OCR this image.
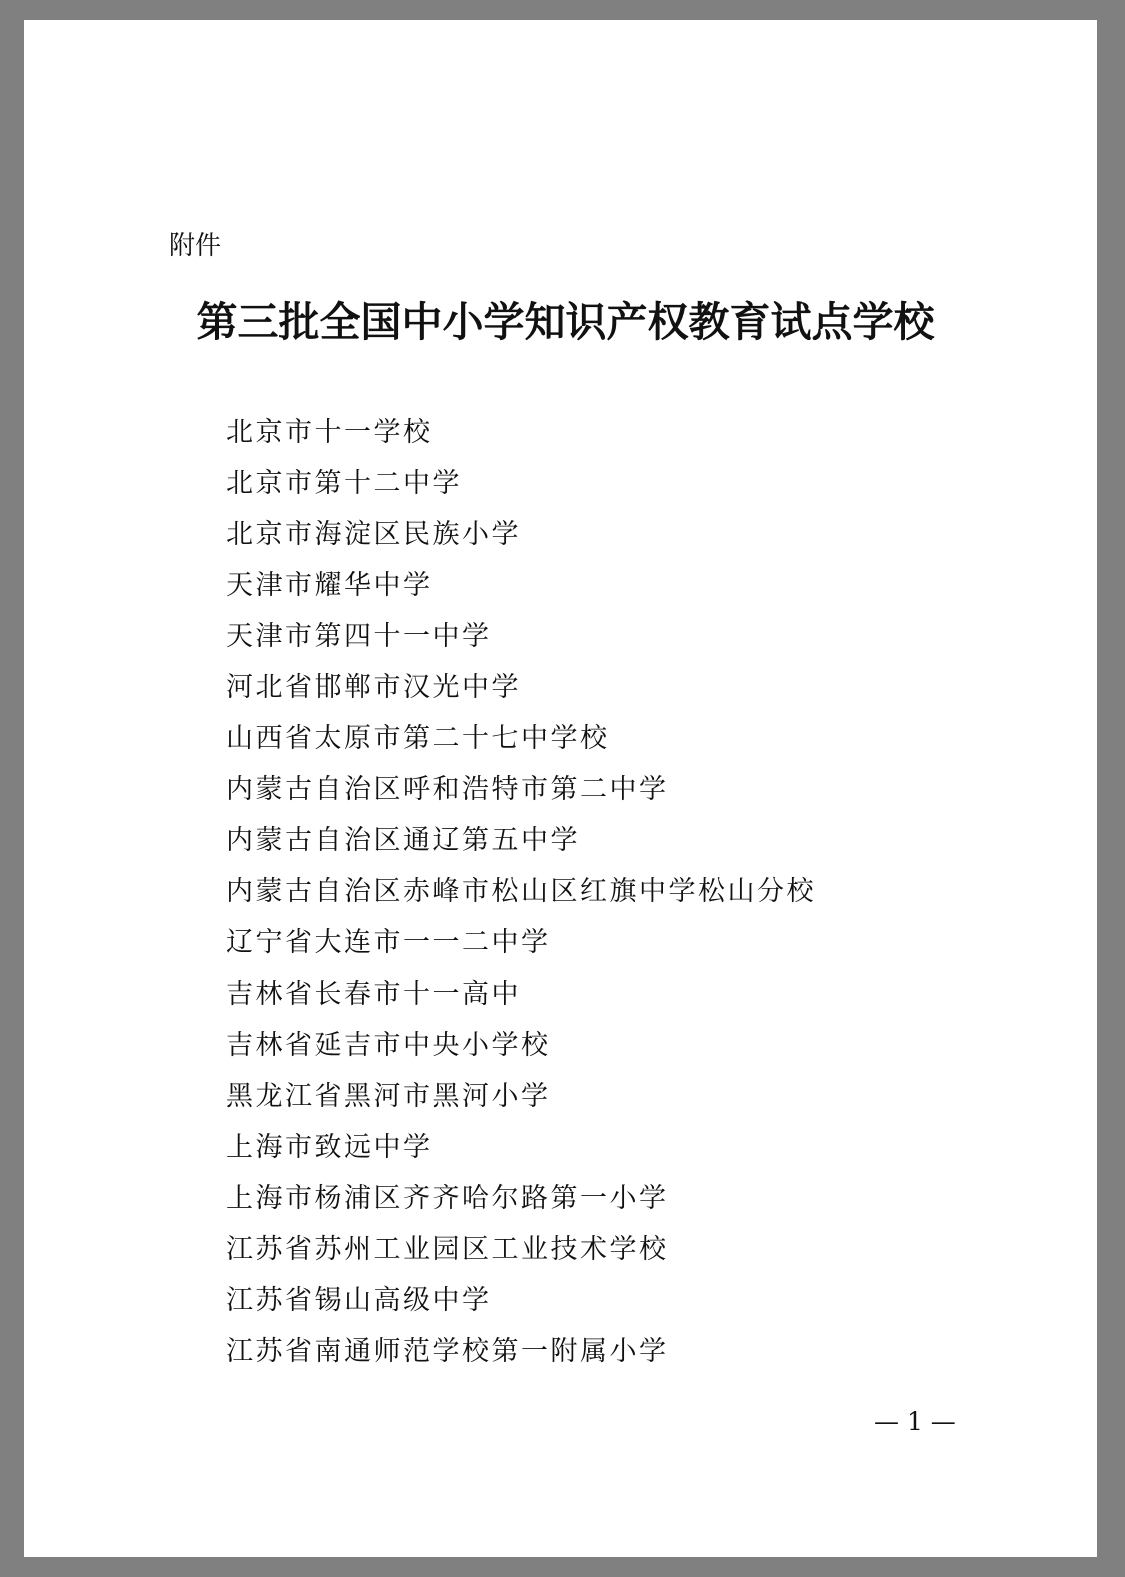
附件
第三批全国中小学知识产权教育试点学校
北京市十一学校
北京市第十二中学
北京市海淀区民族小学
天津市耀华中学
天津市第四十一中学
河北省邯郸市汉光中学
山西省太原市第二十七中学校
内蒙古自治区呼和浩特市第二中学
内蒙古自治区通辽第五中学
内蒙古自治区赤峰市松山区红旗中学松山分校
辽宁省大连市一一二中学
吉林省长春市十一高中
吉林省延吉市中央小学校
黑龙江省黑河市黑河小学
上海市致远中学
上海市杨浦区齐齐哈尔路第一小学
江苏省苏州工业园区工业技术学校
江苏省锡山高级中学
江苏省南通师范学校第一附属小学
— 1 —
